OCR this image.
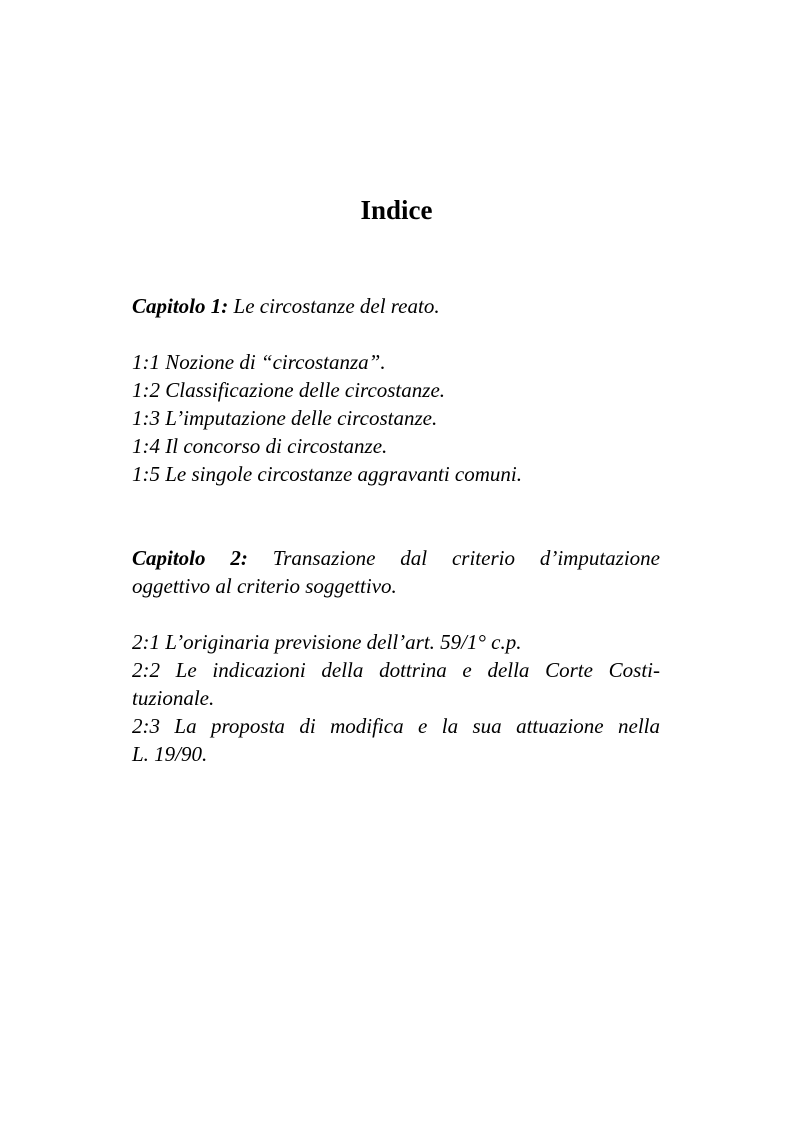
Indice
Capitolo 1: Le circostanze del reato.
1:1 Nozione di “circostanza”.
1:2 Classificazione delle circostanze.
1:3 L’imputazione delle circostanze.
1:4 Il concorso di circostanze.
1:5 Le singole circostanze aggravanti comuni.
Capitolo 2: Transazione dal criterio d’imputazione
oggettivo al criterio soggettivo.
2:1 L’originaria previsione dell’art. 59/1° c.p.
2:2 Le indicazioni della dottrina e della Corte Costi-
tuzionale.
2:3 La proposta di modifica e la sua attuazione nella
L. 19/90.
